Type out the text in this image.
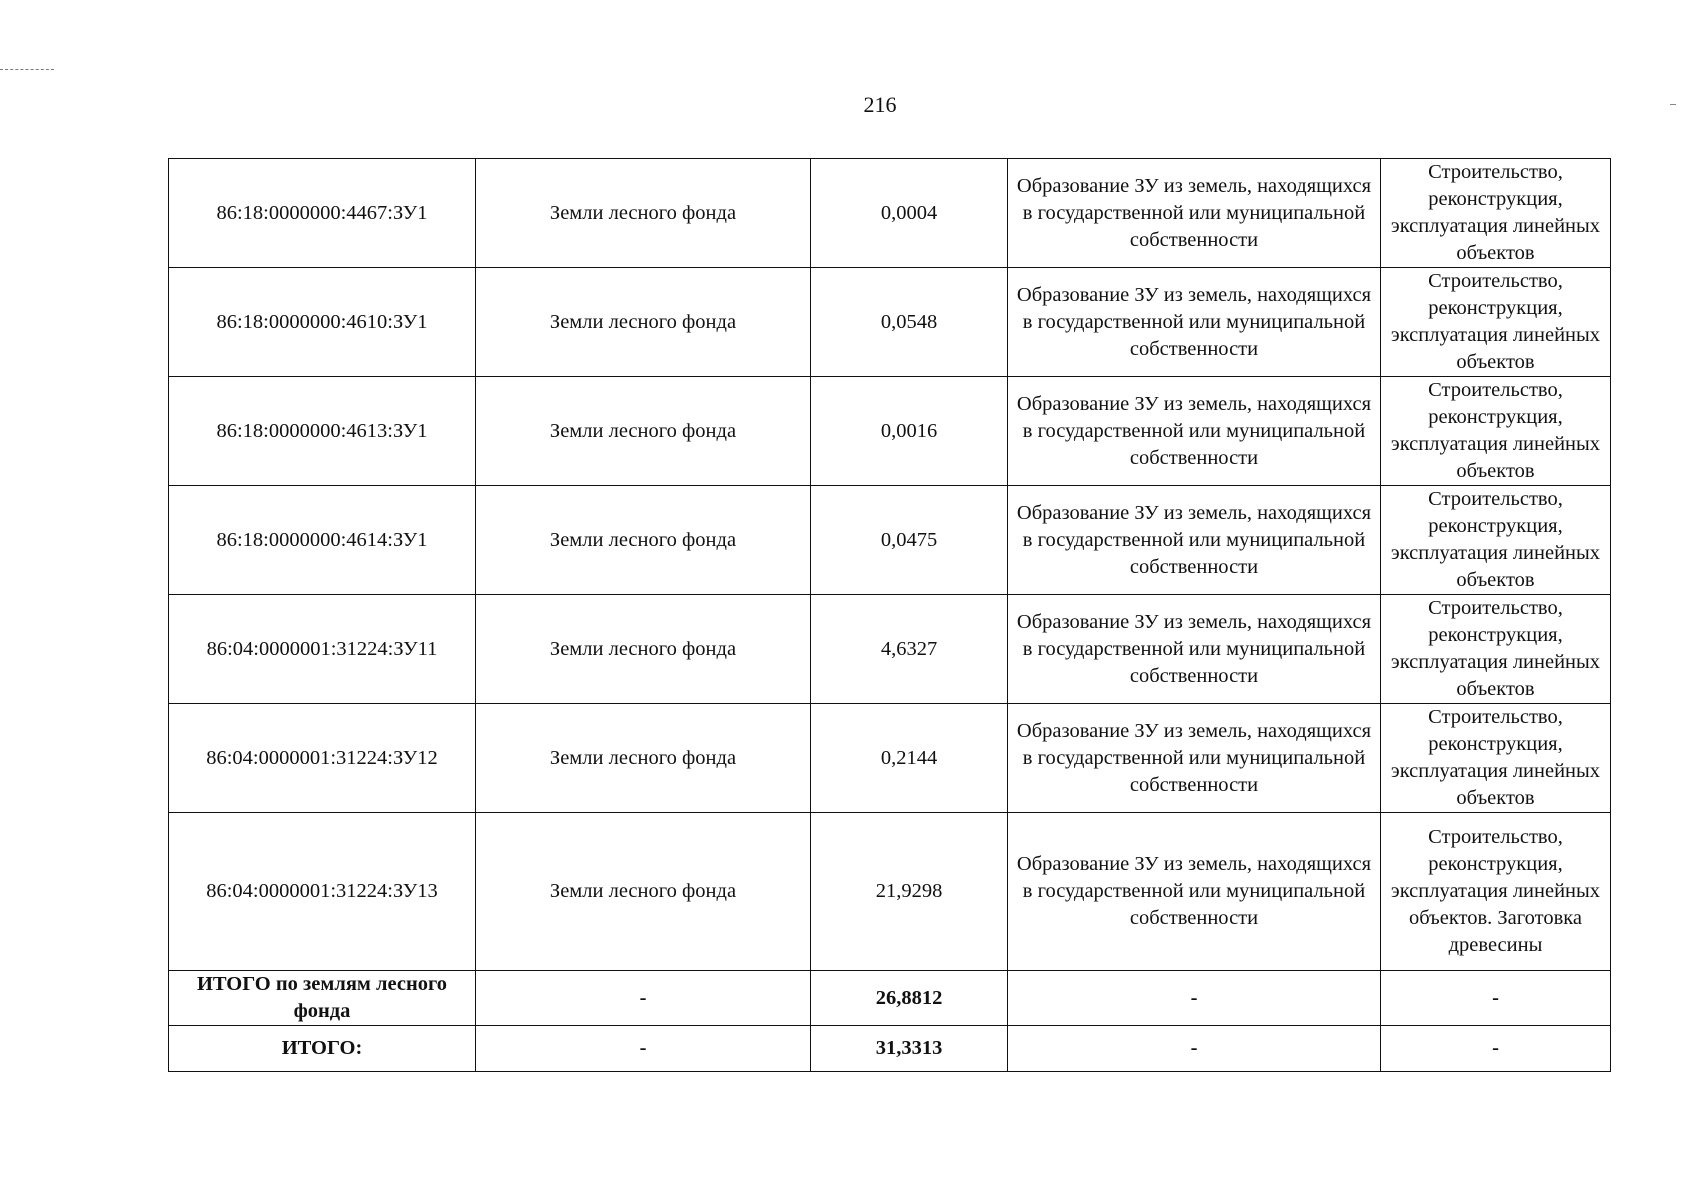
216
86:18:0000000:4467:ЗУ1	Земли лесного фонда	0,0004	Образование ЗУ из земель, находящихся в государственной или муниципальной собственности	Строительство, реконструкция, эксплуатация линейных объектов
86:18:0000000:4610:ЗУ1	Земли лесного фонда	0,0548	Образование ЗУ из земель, находящихся в государственной или муниципальной собственности	Строительство, реконструкция, эксплуатация линейных объектов
86:18:0000000:4613:ЗУ1	Земли лесного фонда	0,0016	Образование ЗУ из земель, находящихся в государственной или муниципальной собственности	Строительство, реконструкция, эксплуатация линейных объектов
86:18:0000000:4614:ЗУ1	Земли лесного фонда	0,0475	Образование ЗУ из земель, находящихся в государственной или муниципальной собственности	Строительство, реконструкция, эксплуатация линейных объектов
86:04:0000001:31224:ЗУ11	Земли лесного фонда	4,6327	Образование ЗУ из земель, находящихся в государственной или муниципальной собственности	Строительство, реконструкция, эксплуатация линейных объектов
86:04:0000001:31224:ЗУ12	Земли лесного фонда	0,2144	Образование ЗУ из земель, находящихся в государственной или муниципальной собственности	Строительство, реконструкция, эксплуатация линейных объектов
86:04:0000001:31224:ЗУ13	Земли лесного фонда	21,9298	Образование ЗУ из земель, находящихся в государственной или муниципальной собственности	Строительство, реконструкция, эксплуатация линейных объектов. Заготовка древесины
ИТОГО по землям лесного фонда	-	26,8812	-	-
ИТОГО:	-	31,3313	-	-
